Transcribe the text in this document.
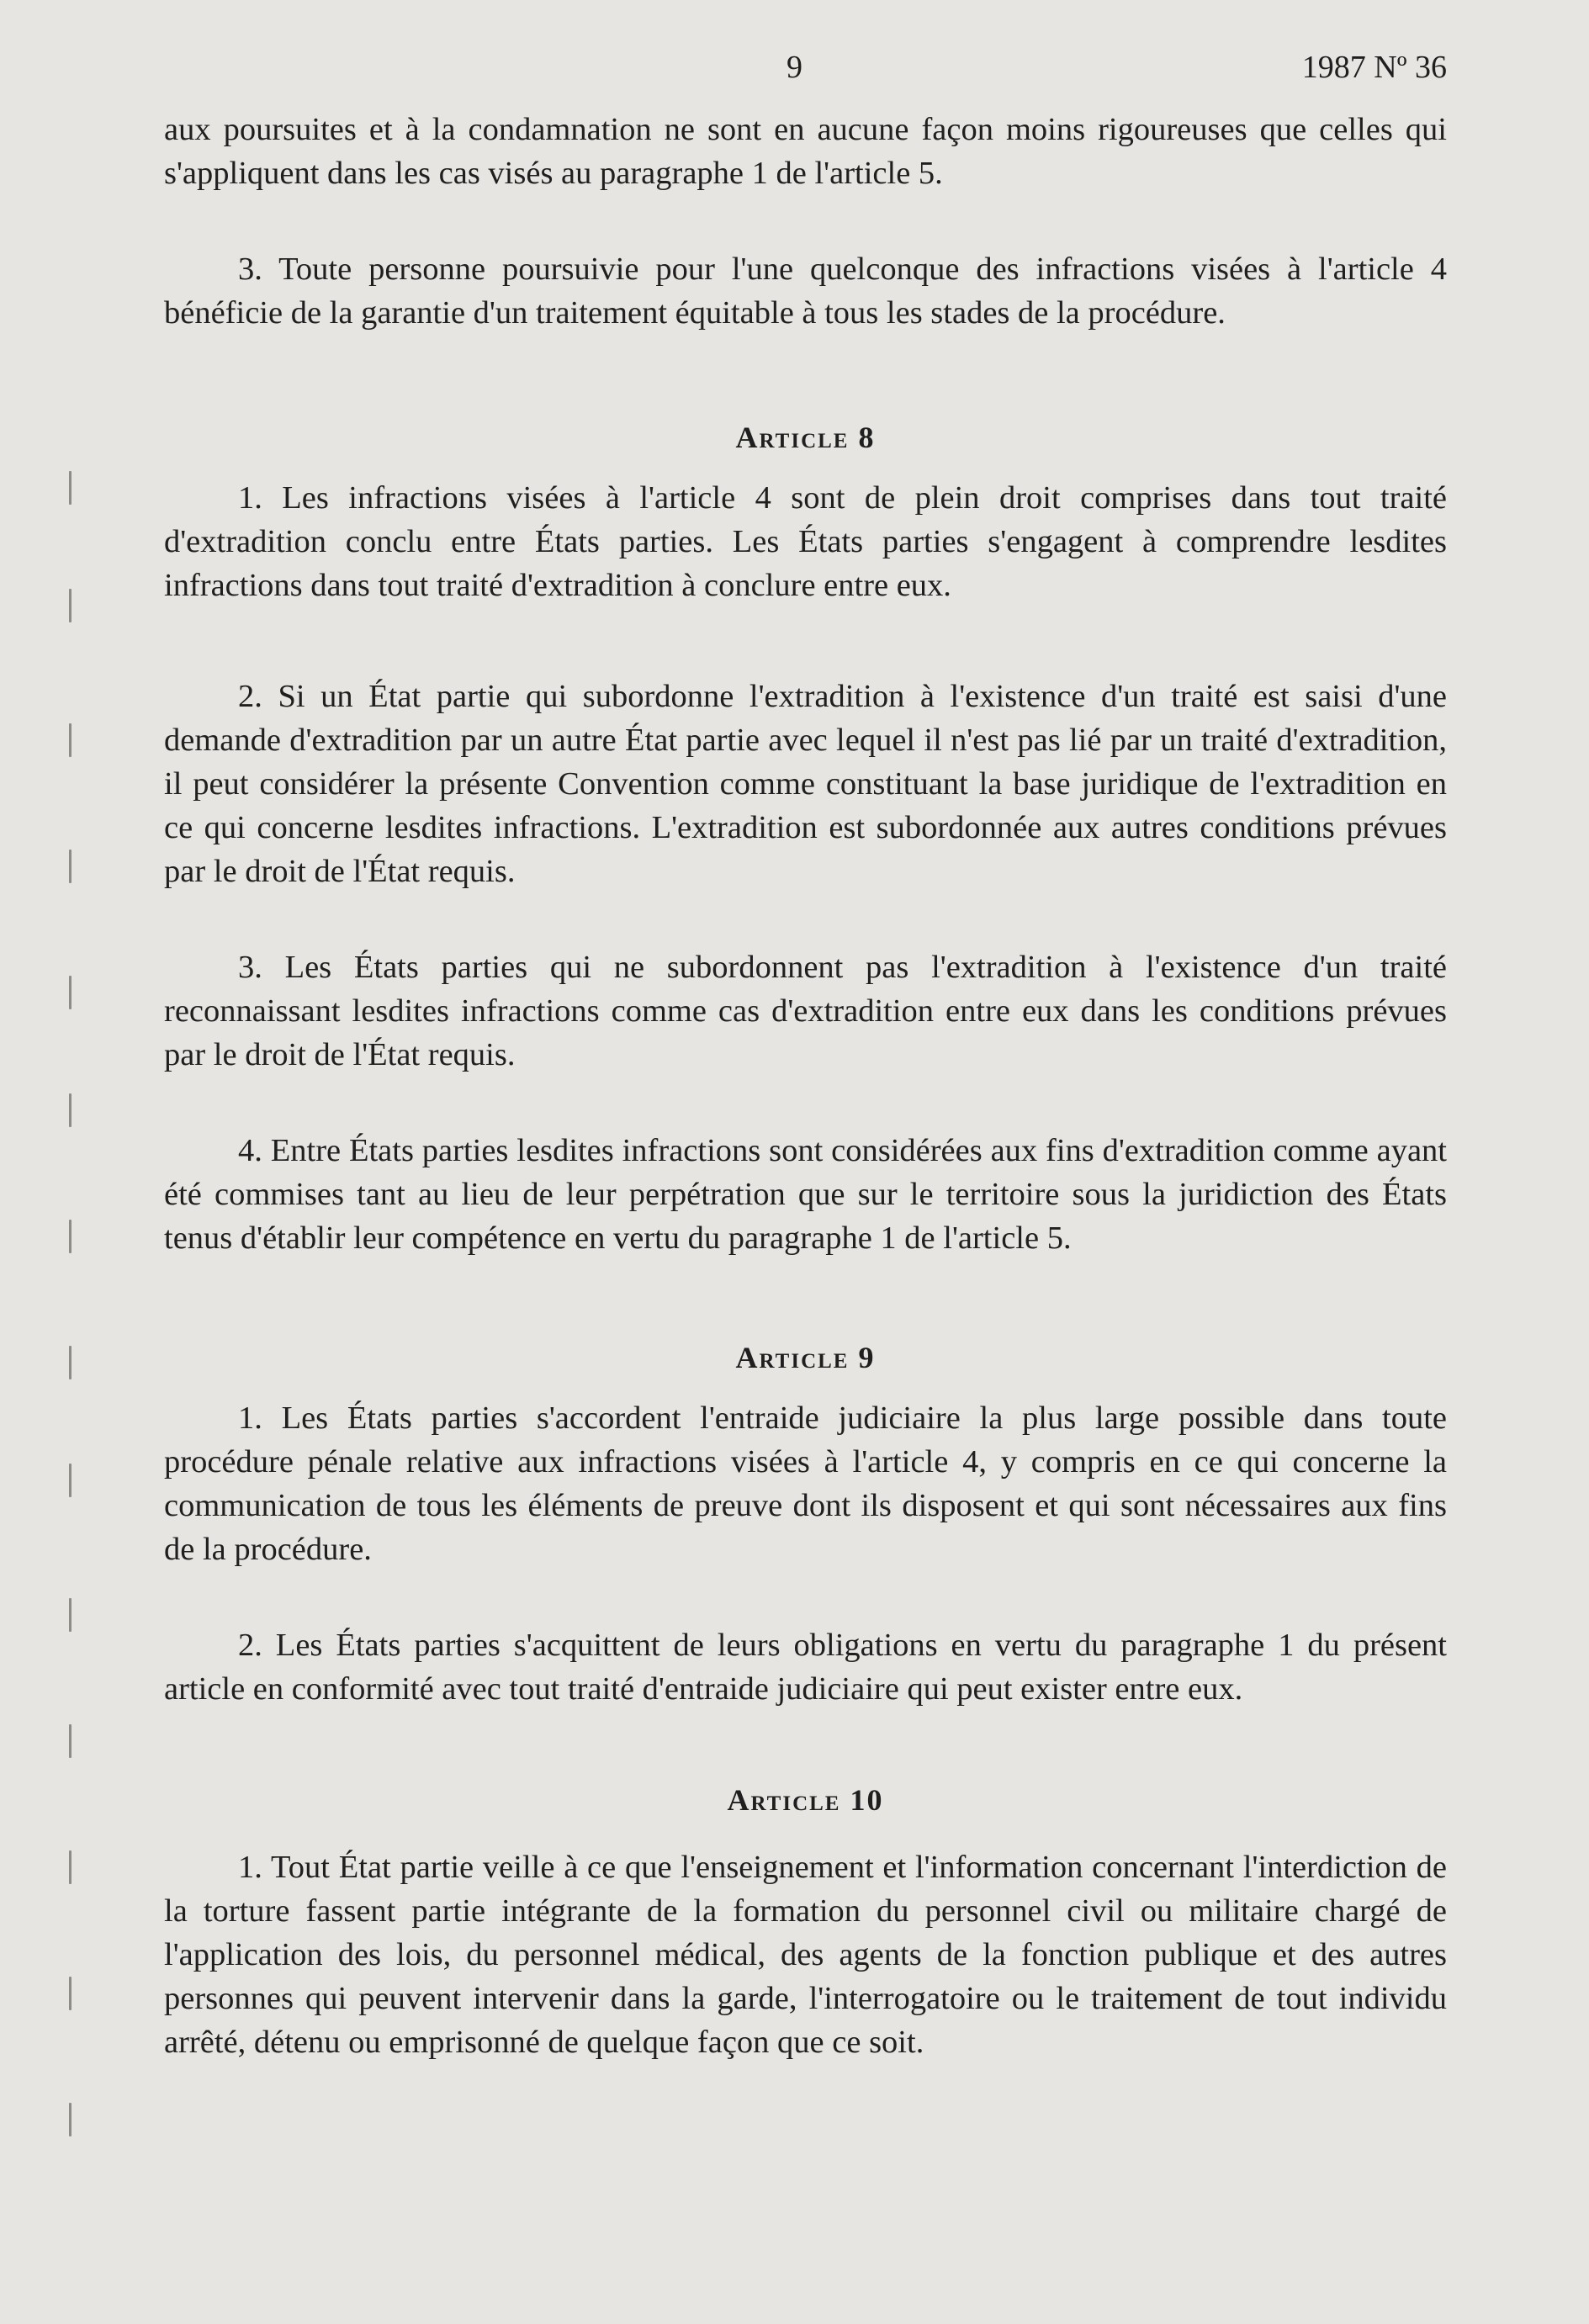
9	1987 Nº 36

aux poursuites et à la condamnation ne sont en aucune façon moins rigoureuses que celles qui s'appliquent dans les cas visés au paragraphe 1 de l'article 5.

3. Toute personne poursuivie pour l'une quelconque des infractions visées à l'article 4 bénéficie de la garantie d'un traitement équitable à tous les stades de la procédure.

Article 8

1. Les infractions visées à l'article 4 sont de plein droit comprises dans tout traité d'extradition conclu entre États parties. Les États parties s'engagent à comprendre lesdites infractions dans tout traité d'extradition à conclure entre eux.

2. Si un État partie qui subordonne l'extradition à l'existence d'un traité est saisi d'une demande d'extradition par un autre État partie avec lequel il n'est pas lié par un traité d'extradition, il peut considérer la présente Convention comme constituant la base juridique de l'extradition en ce qui concerne lesdites infractions. L'extradition est subordonnée aux autres conditions prévues par le droit de l'État requis.

3. Les États parties qui ne subordonnent pas l'extradition à l'existence d'un traité reconnaissant lesdites infractions comme cas d'extradition entre eux dans les conditions prévues par le droit de l'État requis.

4. Entre États parties lesdites infractions sont considérées aux fins d'extradition comme ayant été commises tant au lieu de leur perpétration que sur le territoire sous la juridiction des États tenus d'établir leur compétence en vertu du paragraphe 1 de l'article 5.

Article 9

1. Les États parties s'accordent l'entraide judiciaire la plus large possible dans toute procédure pénale relative aux infractions visées à l'article 4, y compris en ce qui concerne la communication de tous les éléments de preuve dont ils disposent et qui sont nécessaires aux fins de la procédure.

2. Les États parties s'acquittent de leurs obligations en vertu du paragraphe 1 du présent article en conformité avec tout traité d'entraide judiciaire qui peut exister entre eux.

Article 10

1. Tout État partie veille à ce que l'enseignement et l'information concernant l'interdiction de la torture fassent partie intégrante de la formation du personnel civil ou militaire chargé de l'application des lois, du personnel médical, des agents de la fonction publique et des autres personnes qui peuvent intervenir dans la garde, l'interrogatoire ou le traitement de tout individu arrêté, détenu ou emprisonné de quelque façon que ce soit.
